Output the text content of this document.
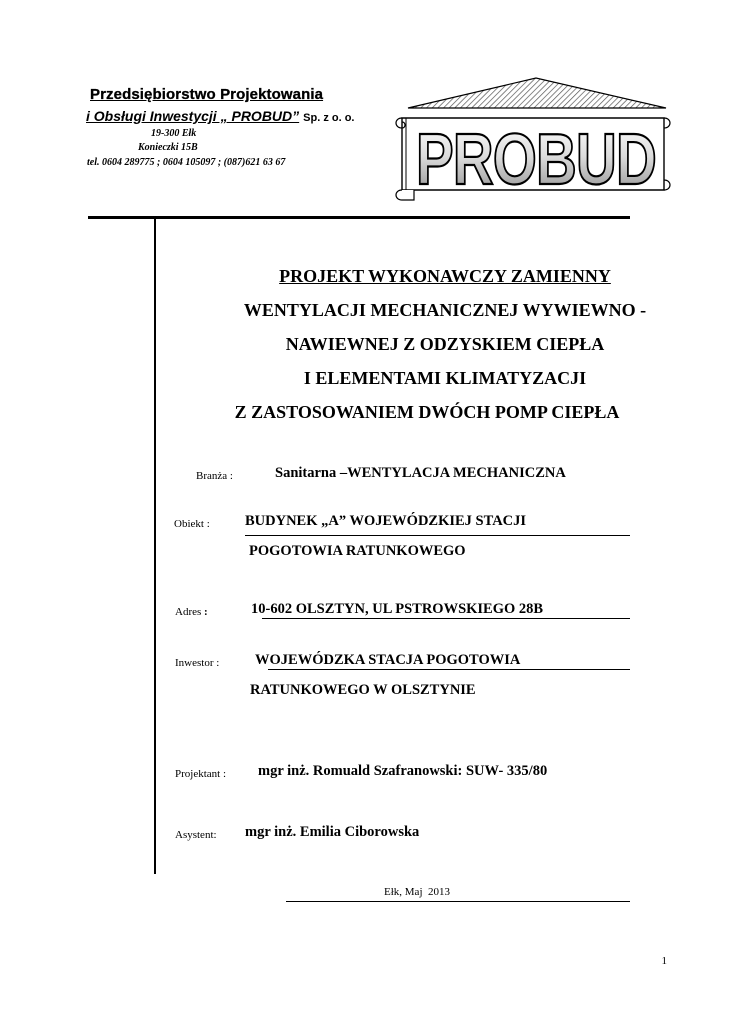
Przedsiębiorstwo Projektowania
i Obsługi Inwestycji „ PROBUD” Sp. z o. o.
19-300 Ełk
Konieczki 15B
tel. 0604 289775 ; 0604 105097 ; (087)621 63 67 PROBUD
PROJEKT WYKONAWCZY ZAMIENNY
WENTYLACJI MECHANICZNEJ WYWIEWNO -
NAWIEWNEJ Z ODZYSKIEM CIEPŁA
I ELEMENTAMI KLIMATYZACJI
Z ZASTOSOWANIEM DWÓCH POMP CIEPŁA
Branża :	Sanitarna –WENTYLACJA MECHANICZNA
Obiekt : BUDYNEK „A” WOJEWÓDZKIEJ STACJI
POGOTOWIA RATUNKOWEGO
Adres :	10-602 OLSZTYN, UL PSTROWSKIEGO 28B
Inwestor : WOJEWÓDZKA STACJA POGOTOWIA
RATUNKOWEGO W OLSZTYNIE
Projektant : mgr inż. Romuald Szafranowski: SUW- 335/80
Asystent: mgr inż. Emilia Ciborowska
Ełk, Maj  2013
1
